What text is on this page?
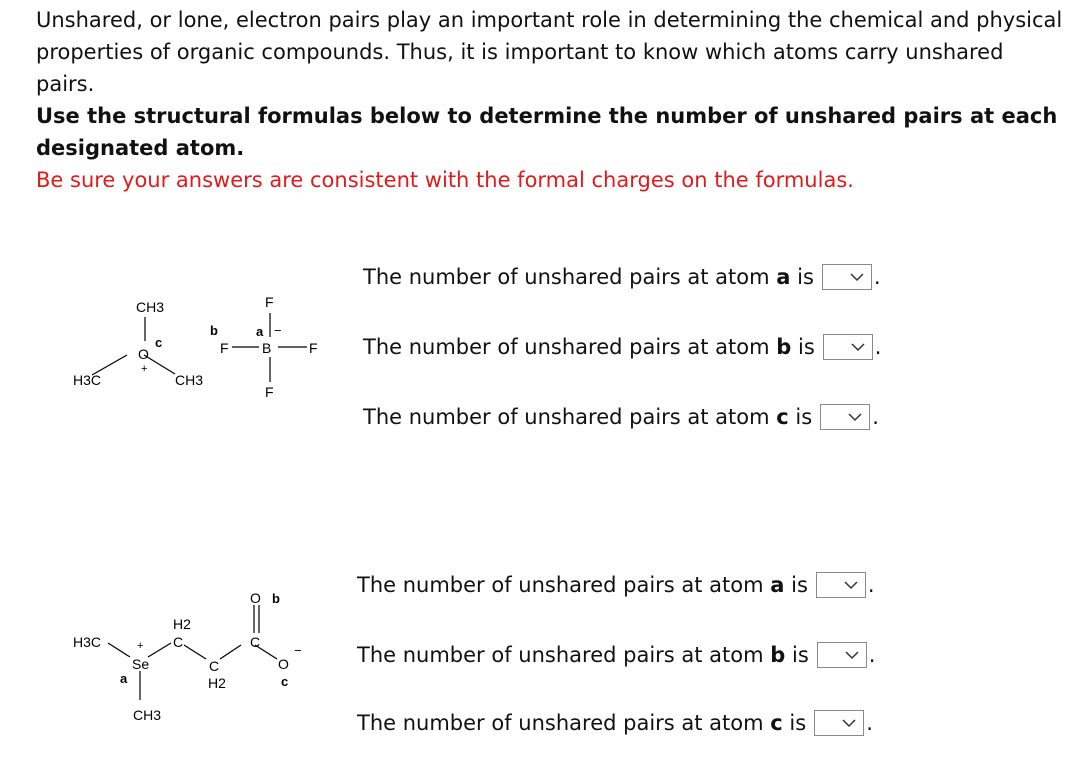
Unshared, or lone, electron pairs play an important role in determining the chemical and physical properties of organic compounds. Thus, it is important to know which atoms carry unshared pairs.

Use the structural formulas below to determine the number of unshared pairs at each designated atom.

Be sure your answers are consistent with the formal charges on the formulas.

CH3
O
c
+
H3C	CH3
b
F
a −
B	F
F
F
H3C	+
Se
a
CH3
H2
C
C
H2
O b
C
O
−
c
The number of unshared pairs at atom
a
is	.
The number of unshared pairs at atom
b
is	.
The number of unshared pairs at atom
c
is	.
The number of unshared pairs at atom
a
is	.
The number of unshared pairs at atom
b
is	.
The number of unshared pairs at atom
c
is	.
